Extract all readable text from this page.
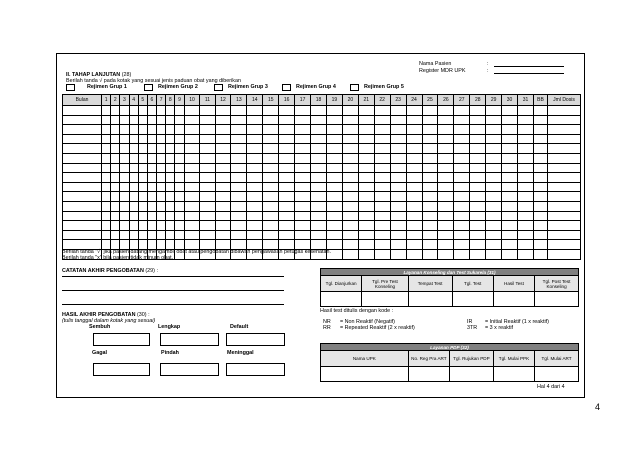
Nama Pasien	:
Register MDR UPK	:
II. TAHAP LANJUTAN (28)
Berilah tanda √ pada kotak yang sesuai jenis paduan obat yang diberikan
Rejimen Grup 1	Rejimen Grup 2	Rejimen Grup 3	Rejimen Grup 4	Rejimen Grup 5
Bulan	1	2	3	4	5	6	7	8	9	10	11	12	13	14	15	16	17	18	19	20	21	22	23	24	25	26	27	28	29	30	31	BB	Jml Dosis

Berilah tanda "√" jika pasien datang mengambil obat atau pengobatan dibawah pengawasan petugas kesehatan.
Berilah tanda "x" bila pasien tidak minum obat.
CATATAN AKHIR PENGOBATAN (29) :
HASIL AKHIR PENGOBATAN (30) :
(tulis tanggal dalam kotak yang sesuai)
Sembuh	Lengkap	Default
Gagal	Pindah	Meninggal
Layanan Konseling dan Test Sukarela (31)					
Tgl. Dianjurkan	Tgl. Pre Test Konseling	Tempat Test	Tgl. Test	Hasil Test	Tgl. Post Test Konseling

Hasil test ditulis dengan kode :
NR = Non Reaktif (Negatif)	IR = Initial Reaktif (1 x reaktif)
RR = Repeated Reaktif (2 x reaktif)	3TR = 3 x reaktif
Layanan PDP (32)				
Nama UPK	No. Reg Pra ART	Tgl. Rujukan PDP	Tgl. Mulai PPK	Tgl. Mulai ART

Hal 4 dari 4
4
